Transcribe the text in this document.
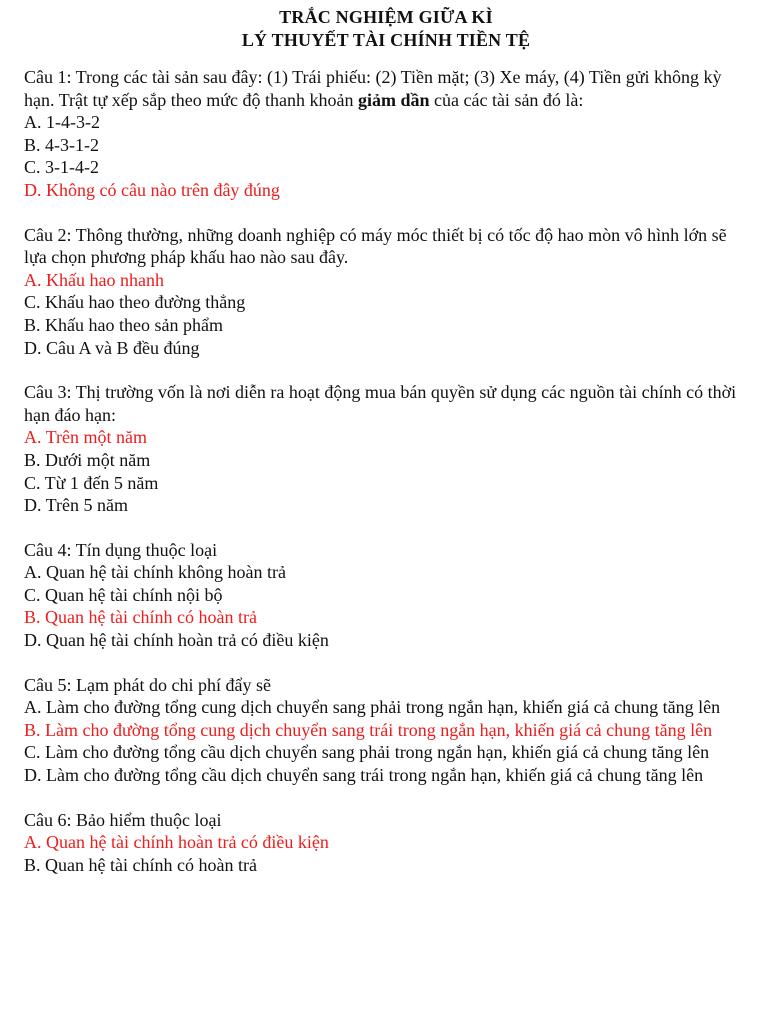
TRẮC NGHIỆM GIỮA KÌ
LÝ THUYẾT TÀI CHÍNH TIỀN TỆ
Câu 1: Trong các tài sản sau đây: (1) Trái phiếu: (2) Tiền mặt; (3) Xe máy, (4) Tiền gửi không kỳ hạn. Trật tự xếp sắp theo mức độ thanh khoản giảm dần của các tài sản đó là:
A. 1-4-3-2
B. 4-3-1-2
C. 3-1-4-2
D. Không có câu nào trên đây đúng
Câu 2: Thông thường, những doanh nghiệp có máy móc thiết bị có tốc độ hao mòn vô hình lớn sẽ lựa chọn phương pháp khấu hao nào sau đây.
A. Khấu hao nhanh
C. Khấu hao theo đường thẳng
B. Khấu hao theo sản phẩm
D. Câu A và B đều đúng
Câu 3: Thị trường vốn là nơi diễn ra hoạt động mua bán quyền sử dụng các nguồn tài chính có thời hạn đáo hạn:
A. Trên một năm
B. Dưới một năm
C. Từ 1 đến 5 năm
D. Trên 5 năm
Câu 4: Tín dụng thuộc loại
A. Quan hệ tài chính không hoàn trả
C. Quan hệ tài chính nội bộ
B. Quan hệ tài chính có hoàn trả
D. Quan hệ tài chính hoàn trả có điều kiện
Câu 5: Lạm phát do chi phí đẩy sẽ
A. Làm cho đường tổng cung dịch chuyển sang phải trong ngắn hạn, khiến giá cả chung tăng lên
B. Làm cho đường tổng cung dịch chuyển sang trái trong ngắn hạn, khiến giá cả chung tăng lên
C. Làm cho đường tổng cầu dịch chuyển sang phải trong ngắn hạn, khiến giá cả chung tăng lên
D. Làm cho đường tổng cầu dịch chuyển sang trái trong ngắn hạn, khiến giá cả chung tăng lên
Câu 6: Bảo hiểm thuộc loại
A. Quan hệ tài chính hoàn trả có điều kiện
B. Quan hệ tài chính có hoàn trả
